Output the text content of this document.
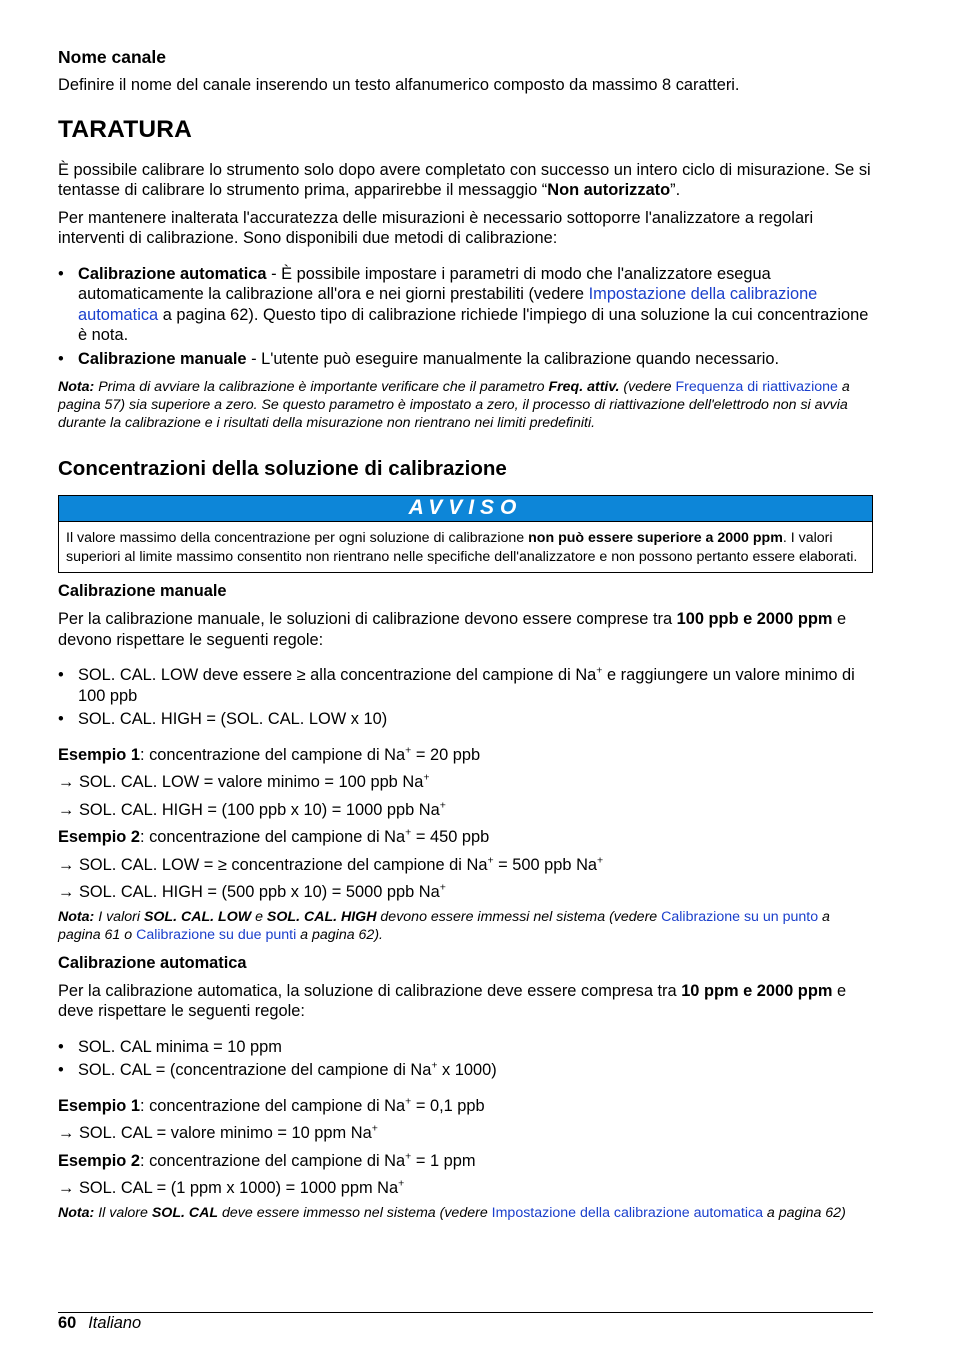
Nome canale

Definire il nome del canale inserendo un testo alfanumerico composto da massimo 8 caratteri.

TARATURA

È possibile calibrare lo strumento solo dopo avere completato con successo un intero ciclo di misurazione. Se si tentasse di calibrare lo strumento prima, apparirebbe il messaggio “Non autorizzato”.

Per mantenere inalterata l'accuratezza delle misurazioni è necessario sottoporre l'analizzatore a regolari interventi di calibrazione. Sono disponibili due metodi di calibrazione:

• Calibrazione automatica - È possibile impostare i parametri di modo che l'analizzatore esegua automaticamente la calibrazione all'ora e nei giorni prestabiliti (vedere Impostazione della calibrazione automatica a pagina 62). Questo tipo di calibrazione richiede l'impiego di una soluzione la cui concentrazione è nota.
• Calibrazione manuale - L'utente può eseguire manualmente la calibrazione quando necessario.

Nota: Prima di avviare la calibrazione è importante verificare che il parametro Freq. attiv. (vedere Frequenza di riattivazione a pagina 57) sia superiore a zero. Se questo parametro è impostato a zero, il processo di riattivazione dell'elettrodo non si avvia durante la calibrazione e i risultati della misurazione non rientrano nei limiti predefiniti.

Concentrazioni della soluzione di calibrazione

AVVISO
Il valore massimo della concentrazione per ogni soluzione di calibrazione non può essere superiore a 2000 ppm. I valori superiori al limite massimo consentito non rientrano nelle specifiche dell'analizzatore e non possono pertanto essere elaborati.

Calibrazione manuale

Per la calibrazione manuale, le soluzioni di calibrazione devono essere comprese tra 100 ppb e 2000 ppm e devono rispettare le seguenti regole:

• SOL. CAL. LOW deve essere ≥ alla concentrazione del campione di Na+ e raggiungere un valore minimo di 100 ppb
• SOL. CAL. HIGH = (SOL. CAL. LOW x 10)

Esempio 1: concentrazione del campione di Na+ = 20 ppb

→ SOL. CAL. LOW = valore minimo = 100 ppb Na+

→ SOL. CAL. HIGH = (100 ppb x 10) = 1000 ppb Na+

Esempio 2: concentrazione del campione di Na+ = 450 ppb

→ SOL. CAL. LOW = ≥ concentrazione del campione di Na+ = 500 ppb Na+

→ SOL. CAL. HIGH = (500 ppb x 10) = 5000 ppb Na+

Nota: I valori SOL. CAL. LOW e SOL. CAL. HIGH devono essere immessi nel sistema (vedere Calibrazione su un punto a pagina 61 o Calibrazione su due punti a pagina 62).

Calibrazione automatica

Per la calibrazione automatica, la soluzione di calibrazione deve essere compresa tra 10 ppm e 2000 ppm e deve rispettare le seguenti regole:

• SOL. CAL minima = 10 ppm
• SOL. CAL = (concentrazione del campione di Na+ x 1000)

Esempio 1: concentrazione del campione di Na+ = 0,1 ppb

→ SOL. CAL = valore minimo = 10 ppm Na+

Esempio 2: concentrazione del campione di Na+ = 1 ppm

→ SOL. CAL = (1 ppm x 1000) = 1000 ppm Na+

Nota: Il valore SOL. CAL deve essere immesso nel sistema (vedere Impostazione della calibrazione automatica a pagina 62)

60 Italiano
